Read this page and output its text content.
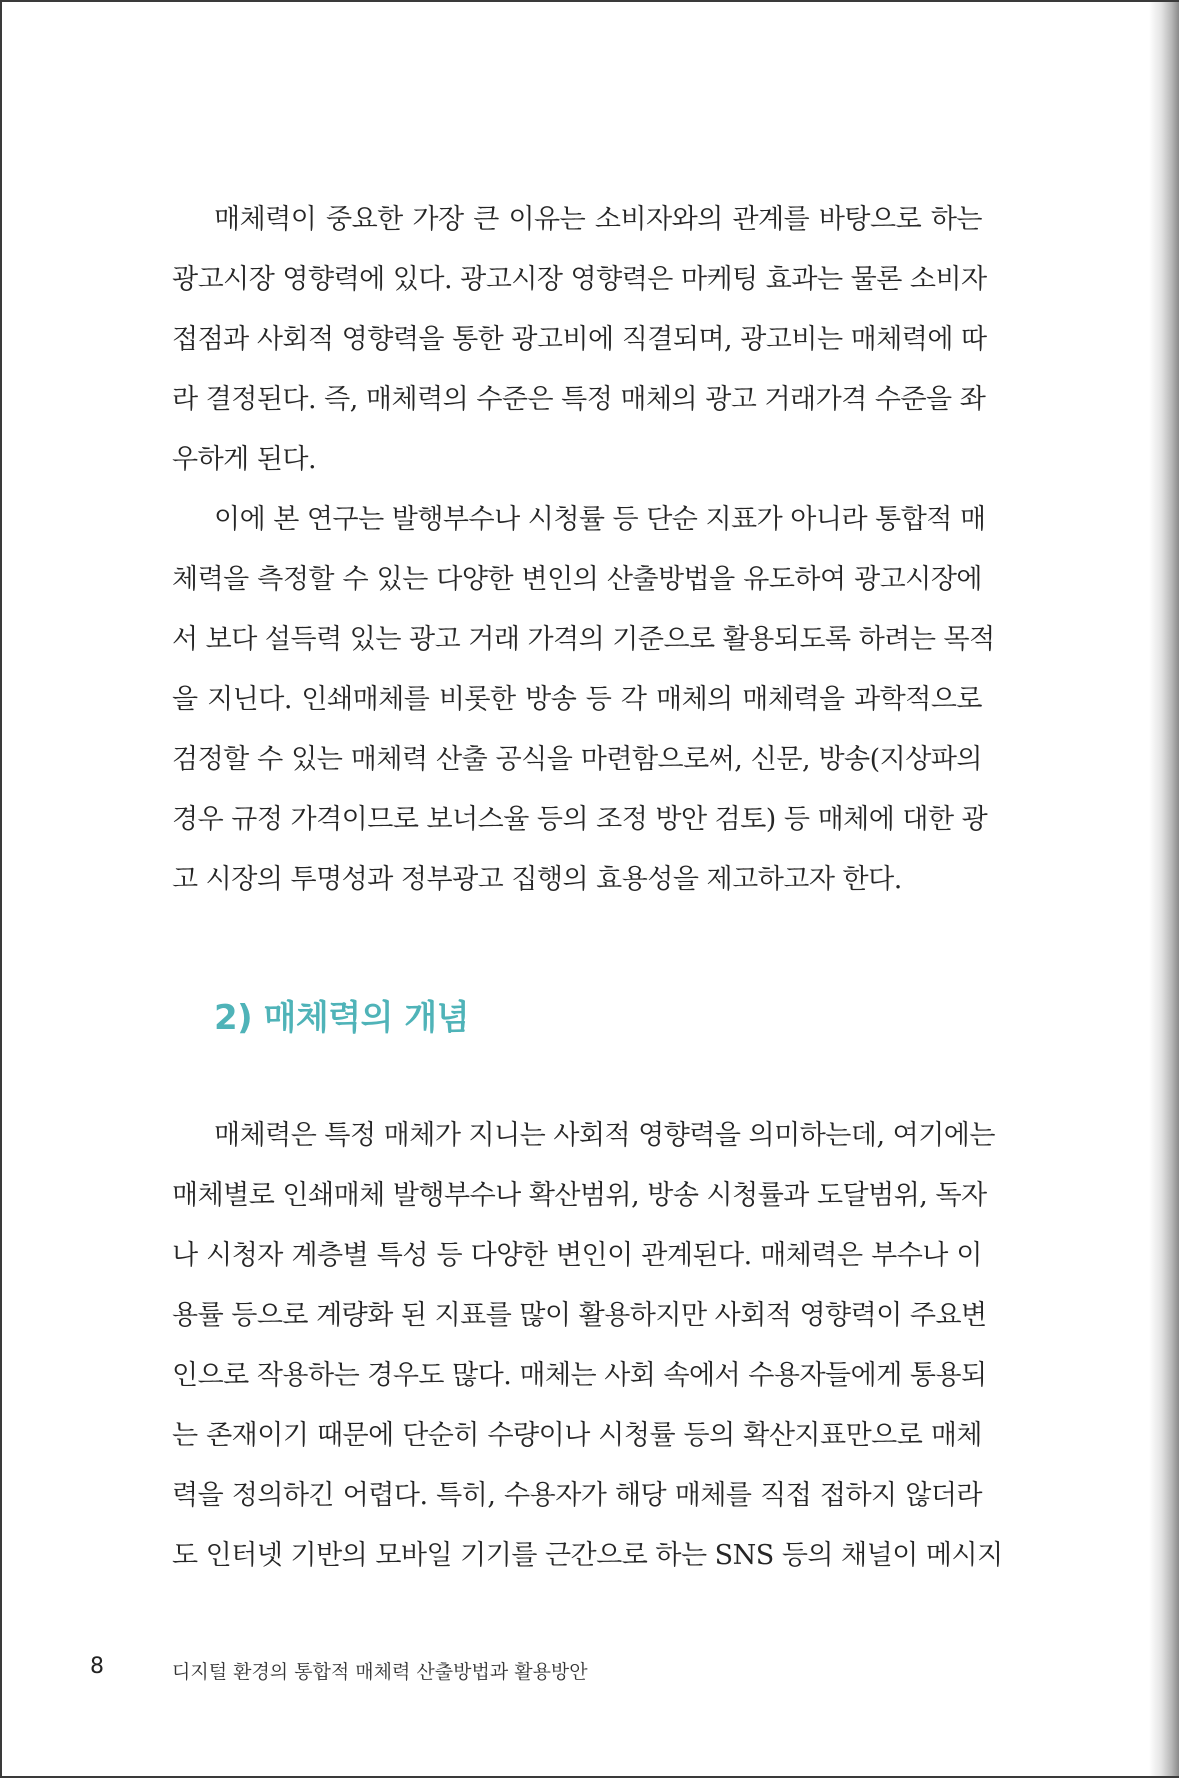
매체력이 중요한 가장 큰 이유는 소비자와의 관계를 바탕으로 하는
광고시장 영향력에 있다. 광고시장 영향력은 마케팅 효과는 물론 소비자
접점과 사회적 영향력을 통한 광고비에 직결되며, 광고비는 매체력에 따
라 결정된다. 즉, 매체력의 수준은 특정 매체의 광고 거래가격 수준을 좌
우하게 된다.
이에 본 연구는 발행부수나 시청률 등 단순 지표가 아니라 통합적 매
체력을 측정할 수 있는 다양한 변인의 산출방법을 유도하여 광고시장에
서 보다 설득력 있는 광고 거래 가격의 기준으로 활용되도록 하려는 목적
을 지닌다. 인쇄매체를 비롯한 방송 등 각 매체의 매체력을 과학적으로
검정할 수 있는 매체력 산출 공식을 마련함으로써, 신문, 방송(지상파의
경우 규정 가격이므로 보너스율 등의 조정 방안 검토) 등 매체에 대한 광
고 시장의 투명성과 정부광고 집행의 효용성을 제고하고자 한다.
2) 매체력의 개념
매체력은 특정 매체가 지니는 사회적 영향력을 의미하는데, 여기에는
매체별로 인쇄매체 발행부수나 확산범위, 방송 시청률과 도달범위, 독자
나 시청자 계층별 특성 등 다양한 변인이 관계된다. 매체력은 부수나 이
용률 등으로 계량화 된 지표를 많이 활용하지만 사회적 영향력이 주요변
인으로 작용하는 경우도 많다. 매체는 사회 속에서 수용자들에게 통용되
는 존재이기 때문에 단순히 수량이나 시청률 등의 확산지표만으로 매체
력을 정의하긴 어렵다. 특히, 수용자가 해당 매체를 직접 접하지 않더라
도 인터넷 기반의 모바일 기기를 근간으로 하는 SNS 등의 채널이 메시지
8	디지털 환경의 통합적 매체력 산출방법과 활용방안
